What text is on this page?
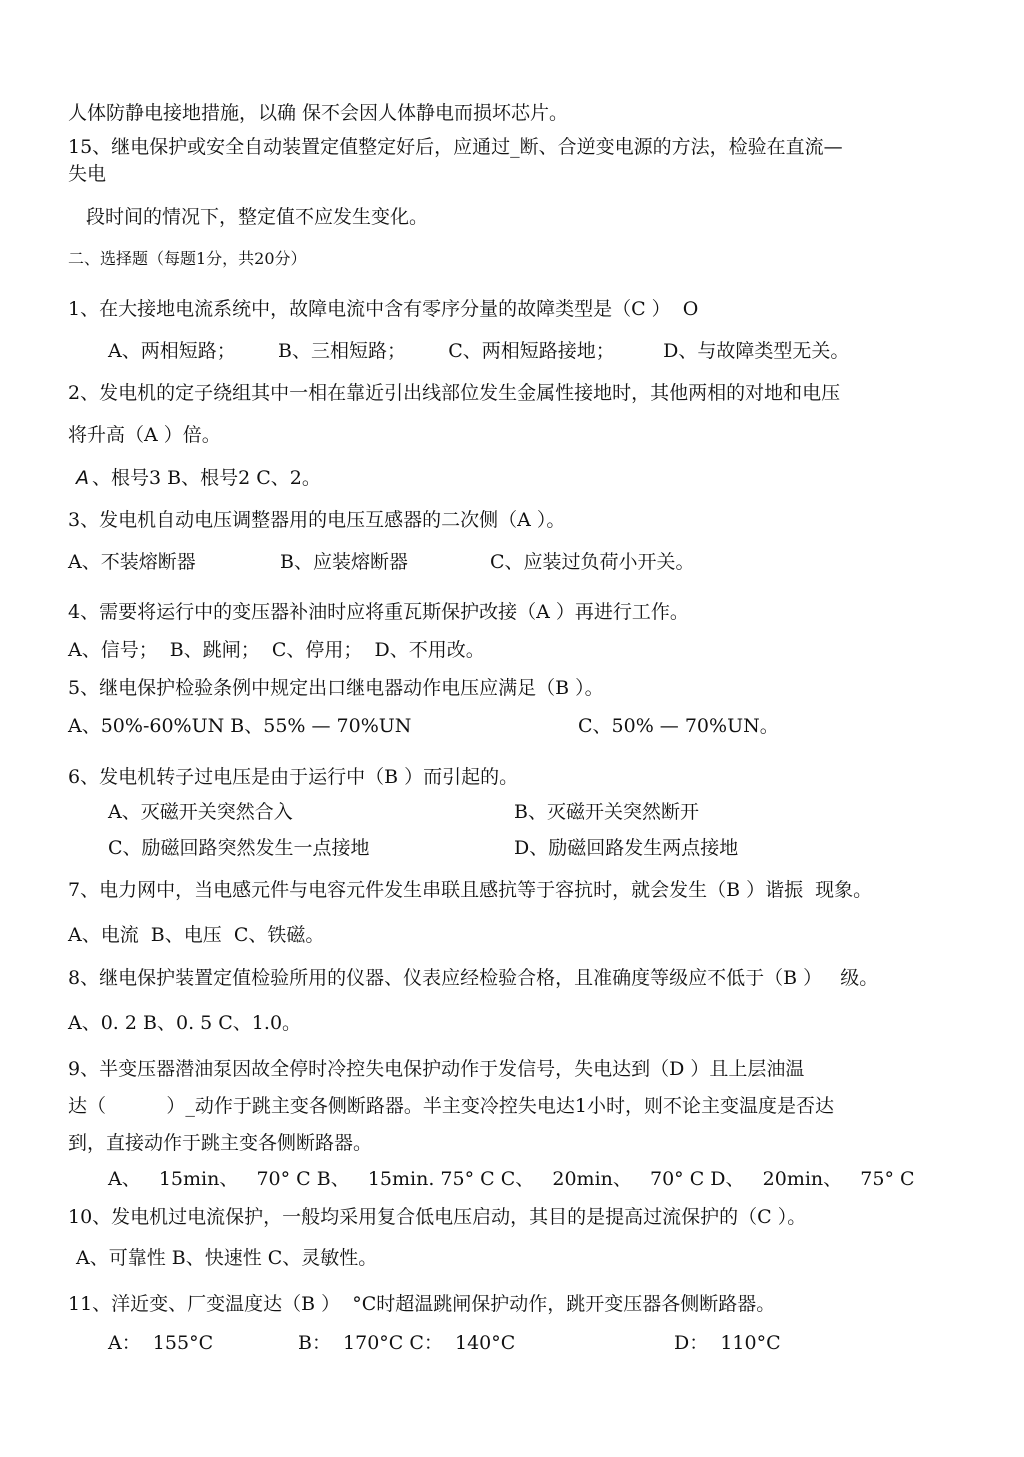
人体防静电接地措施，以确 保不会因人体静电而损坏芯片。

15、继电保护或安全自动装置定值整定好后，应通过_断、合逆变电源的方法，检验在直流—

失电

段时间的情况下，整定值不应发生变化。

二、选择题（每题1分，共20分）

1、在大接地电流系统中，故障电流中含有零序分量的故障类型是（C ）  O

A、两相短路；       B、三相短路；       C、两相短路接地；        D、与故障类型无关。

2、发电机的定子绕组其中一相在靠近引出线部位发生金属性接地时，其他两相的对地和电压

将升高（A ）倍。

A 、根号3 B、根号2 C、2。

3、发电机自动电压调整器用的电压互感器的二次侧（A ）。

A、不装熔断器	B、应装熔断器	C、应装过负荷小开关。

4、需要将运行中的变压器补油时应将重瓦斯保护改接（A ）再进行工作。

A、信号；  B、跳闸；  C、停用；  D、不用改。

5、继电保护检验条例中规定出口继电器动作电压应满足（B ）。

A、50%-60%UN B、55% — 70%UN	C、50% — 70%UN。

6、发电机转子过电压是由于运行中（B ）而引起的。

A、灭磁开关突然合入	B、灭磁开关突然断开

C、励磁回路突然发生一点接地	D、励磁回路发生两点接地

7、电力网中，当电感元件与电容元件发生串联且感抗等于容抗时，就会发生（B ）谐振  现象。

A、电流  B、电压  C、铁磁。

8、继电保护装置定值检验所用的仪器、仪表应经检验合格，且准确度等级应不低于（B ）   级。

A、0. 2 B、0. 5 C、1.0。

9、半变压器潜油泵因故全停时冷控失电保护动作于发信号，失电达到（D ）且上层油温

达（          ）_动作于跳主变各侧断路器。半主变冷控失电达1小时，则不论主变温度是否达

到，直接动作于跳主变各侧断路器。

A、   15min、   70° C B、   15min. 75° C C、   20min、   70° C D、   20min、   75° C

10、发电机过电流保护，一般均采用复合低电压启动，其目的是提高过流保护的（C ）。

A、可靠性 B、快速性 C、灵敏性。

11、洋近变、厂变温度达（B ）  °C时超温跳闸保护动作，跳开变压器各侧断路器。

A：  155°C	B：  170°C C：  140°C	D：  110°C
